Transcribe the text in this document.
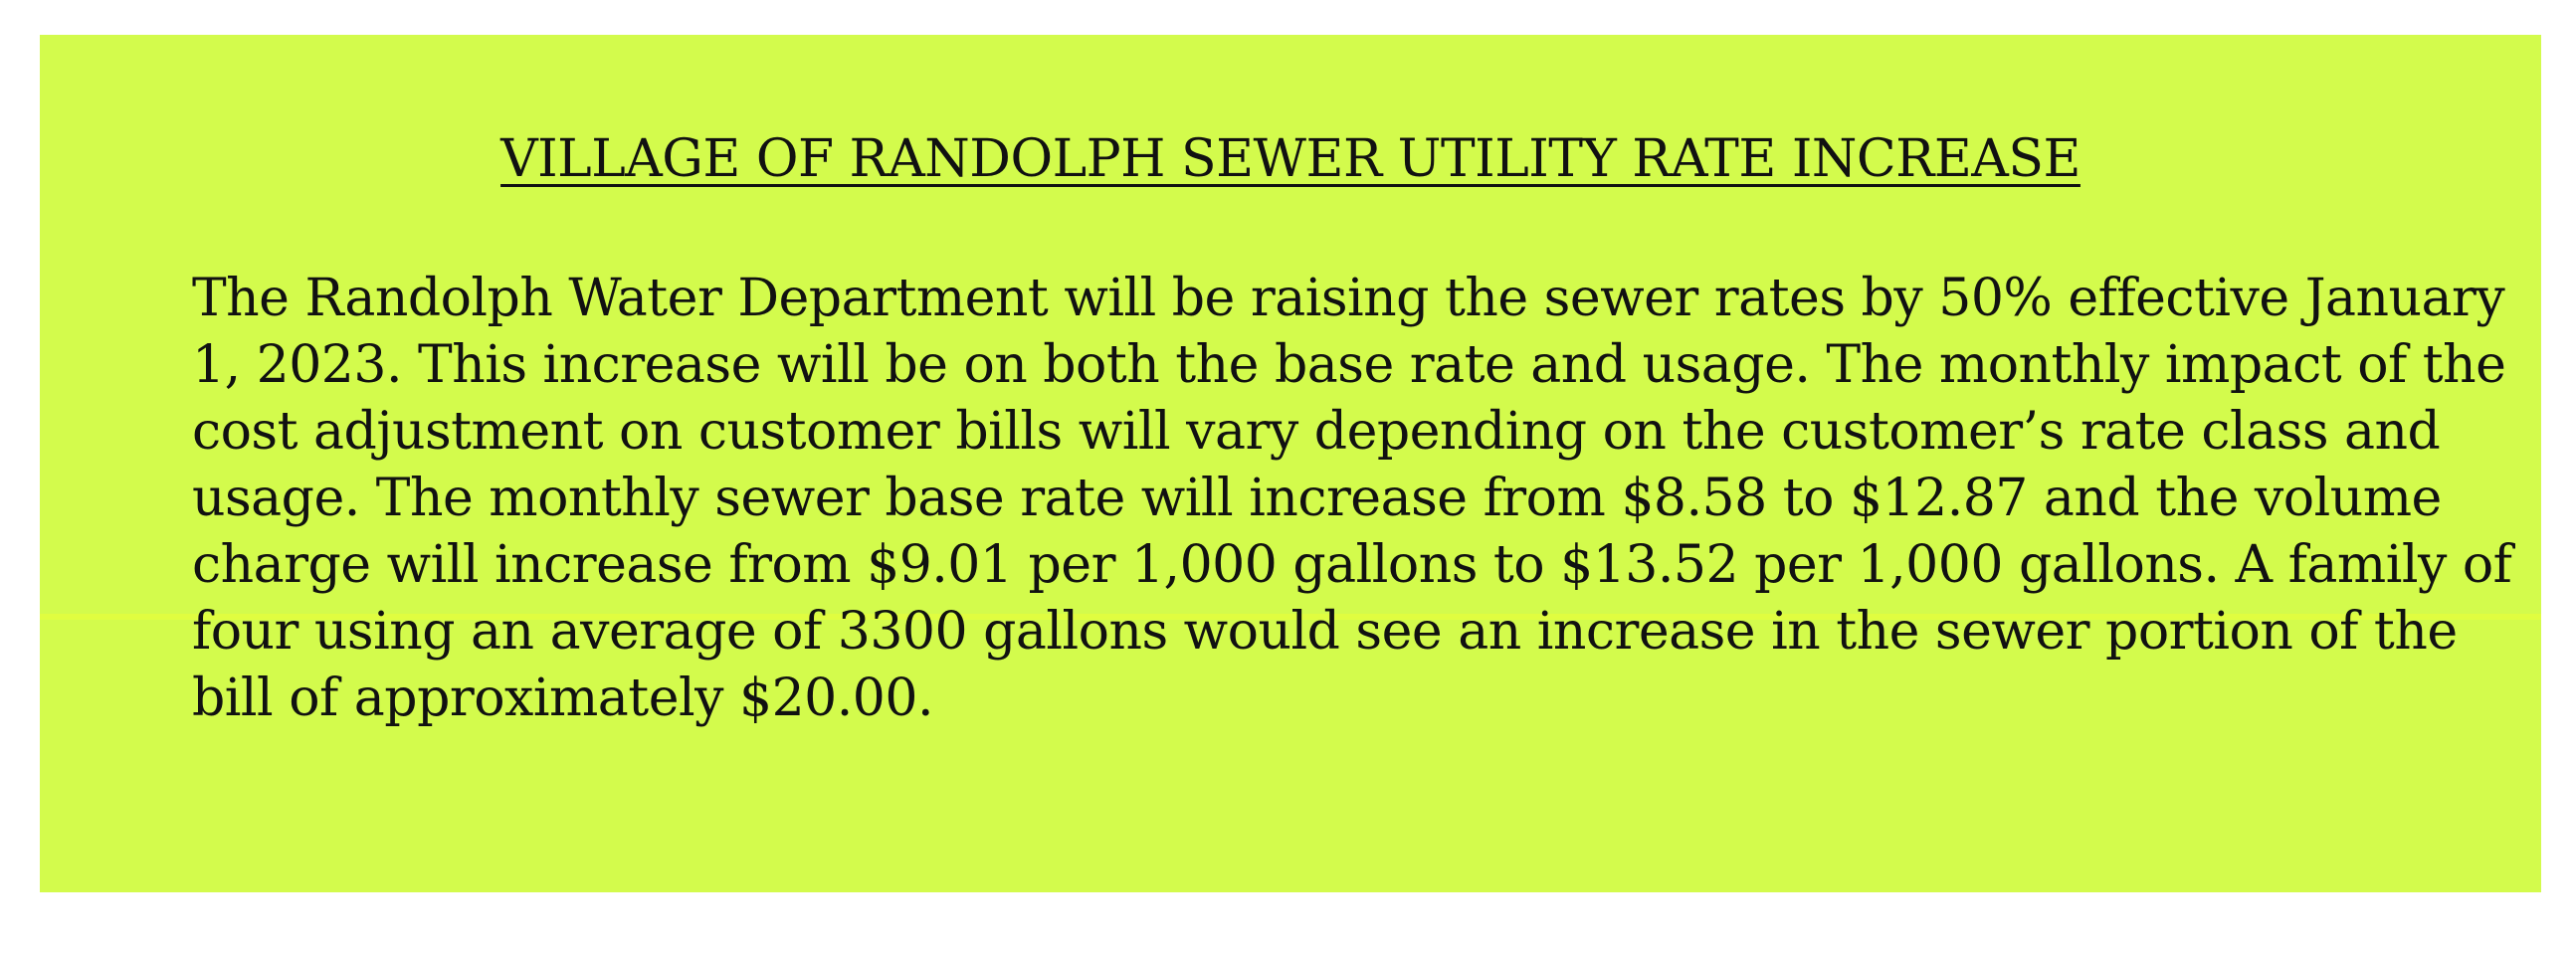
VILLAGE OF RANDOLPH SEWER UTILITY RATE INCREASE
The Randolph Water Department will be raising the sewer rates by 50% effective January
1, 2023. This increase will be on both the base rate and usage. The monthly impact of the
cost adjustment on customer bills will vary depending on the customer’s rate class and
usage. The monthly sewer base rate will increase from $8.58 to $12.87 and the volume
charge will increase from $9.01 per 1,000 gallons to $13.52 per 1,000 gallons. A family of
four using an average of 3300 gallons would see an increase in the sewer portion of the
bill of approximately $20.00.
